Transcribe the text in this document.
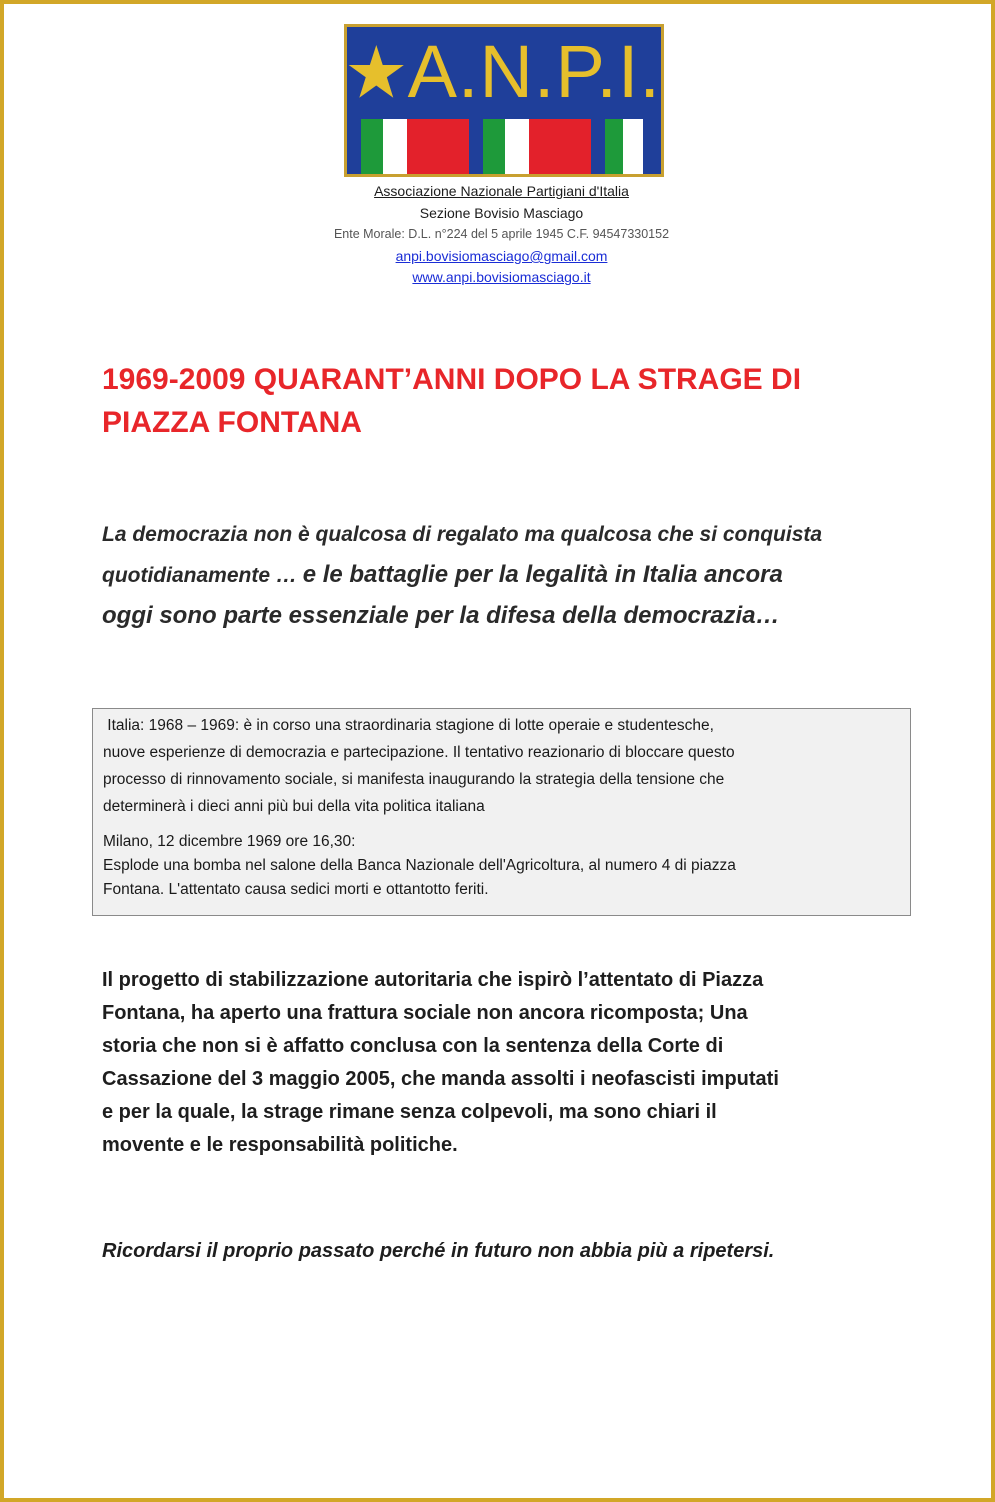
A.N.P.I.
Associazione Nazionale Partigiani d'Italia
Sezione Bovisio Masciago
Ente Morale: D.L. n°224 del 5 aprile 1945 C.F. 94547330152
anpi.bovisiomasciago@gmail.com
www.anpi.bovisiomasciago.it
1969-2009 QUARANT’ANNI DOPO LA STRAGE DI
PIAZZA FONTANA

La democrazia non è qualcosa di regalato ma qualcosa che si conquista
quotidianamente … e le battaglie per la legalità in Italia ancora
oggi sono parte essenziale per la difesa della democrazia…

Italia: 1968 – 1969: è in corso una straordinaria stagione di lotte operaie e studentesche,
nuove esperienze di democrazia e partecipazione. Il tentativo reazionario di bloccare questo
processo di rinnovamento sociale, si manifesta inaugurando la strategia della tensione che
determinerà i dieci anni più bui della vita politica italiana

Milano, 12 dicembre 1969 ore 16,30:
Esplode una bomba nel salone della Banca Nazionale dell'Agricoltura, al numero 4 di piazza
Fontana. L'attentato causa sedici morti e ottantotto feriti.

Il progetto di stabilizzazione autoritaria che ispirò l’attentato di Piazza
Fontana, ha aperto una frattura sociale non ancora ricomposta; Una
storia che non si è affatto conclusa con la sentenza della Corte di
Cassazione del 3 maggio 2005, che manda assolti i neofascisti imputati
e per la quale, la strage rimane senza colpevoli, ma sono chiari il
movente e le responsabilità politiche.

Ricordarsi il proprio passato perché in futuro non abbia più a ripetersi.
